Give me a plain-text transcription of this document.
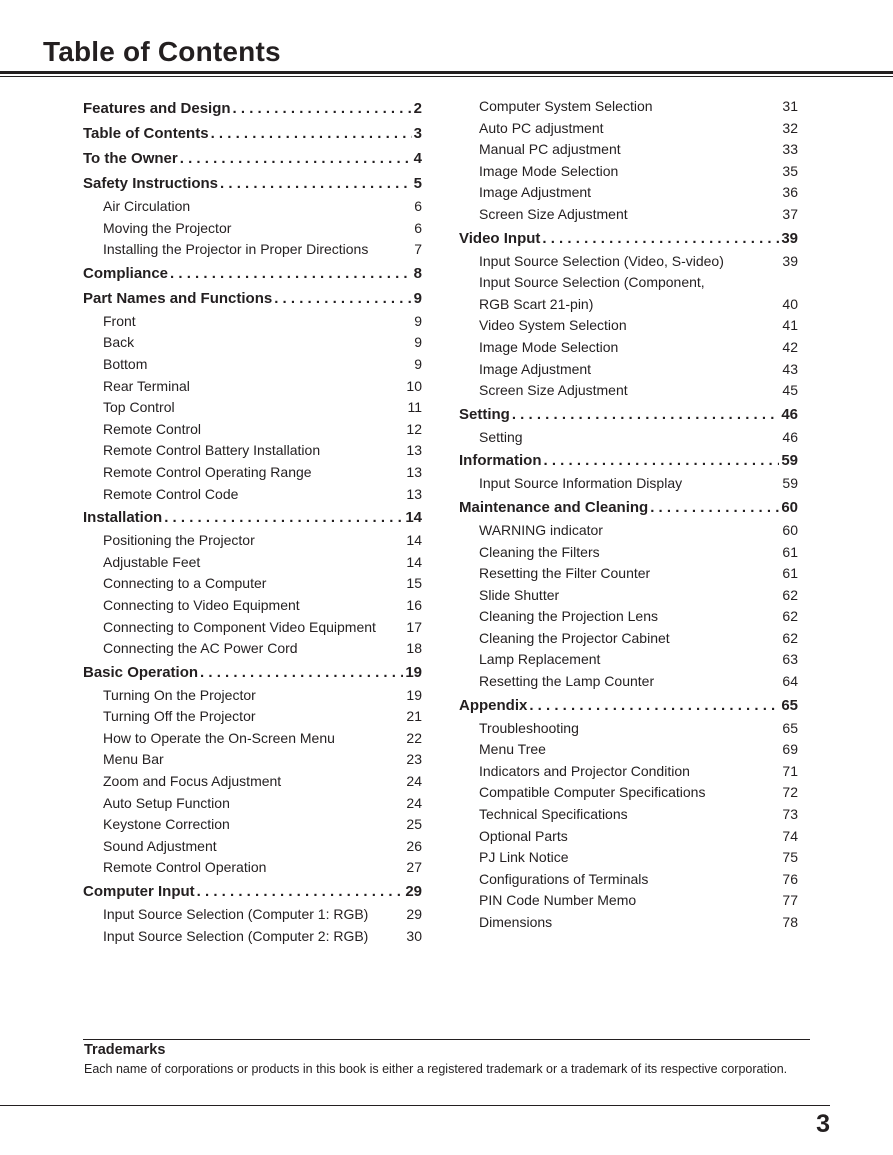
Table of Contents
Features and Design . . .	2
Table of Contents . . .	3
To the Owner . . .	4
Safety Instructions . . .	5
Air Circulation	6
Moving the Projector	6
Installing the Projector in Proper Directions	7
Compliance . . .	8
Part Names and Functions . . .	9
Front	9
Back	9
Bottom	9
Rear Terminal	10
Top Control	11
Remote Control	12
Remote Control Battery Installation	13
Remote Control Operating Range	13
Remote Control Code	13
Installation . . .	14
Positioning the Projector	14
Adjustable Feet	14
Connecting to a Computer	15
Connecting to Video Equipment	16
Connecting to Component Video Equipment 17
Connecting the AC Power Cord	18
Basic Operation . . .	19
Turning On the Projector	19
Turning Off the Projector	21
How to Operate the On-Screen Menu	22
Menu Bar	23
Zoom and Focus Adjustment	24
Auto Setup Function	24
Keystone Correction	25
Sound Adjustment	26
Remote Control Operation	27
Computer Input . . .	29
Input Source Selection (Computer 1: RGB)	29
Input Source Selection (Computer 2: RGB)	30
Computer System Selection	31
Auto PC adjustment	32
Manual PC adjustment	33
Image Mode Selection	35
Image Adjustment	36
Screen Size Adjustment	37
Video Input . . .	39
Input Source Selection (Video, S-video)	39
Input Source Selection (Component,
RGB Scart 21-pin)	40
Video System Selection	41
Image Mode Selection	42
Image Adjustment	43
Screen Size Adjustment	45
Setting . . .	46
Setting	46
Information . . .	59
Input Source Information Display	59
Maintenance and Cleaning . . .	60
WARNING indicator	60
Cleaning the Filters	61
Resetting the Filter Counter	61
Slide Shutter	62
Cleaning the Projection Lens	62
Cleaning the Projector Cabinet	62
Lamp Replacement	63
Resetting the Lamp Counter	64
Appendix . . .	65
Troubleshooting	65
Menu Tree	69
Indicators and Projector Condition	71
Compatible Computer Specifications	72
Technical Specifications	73
Optional Parts	74
PJ Link Notice	75
Configurations of Terminals	76
PIN Code Number Memo	77
Dimensions	78
Trademarks
Each name of corporations or products in this book is either a registered trademark or a trademark of its respective corporation.
3
